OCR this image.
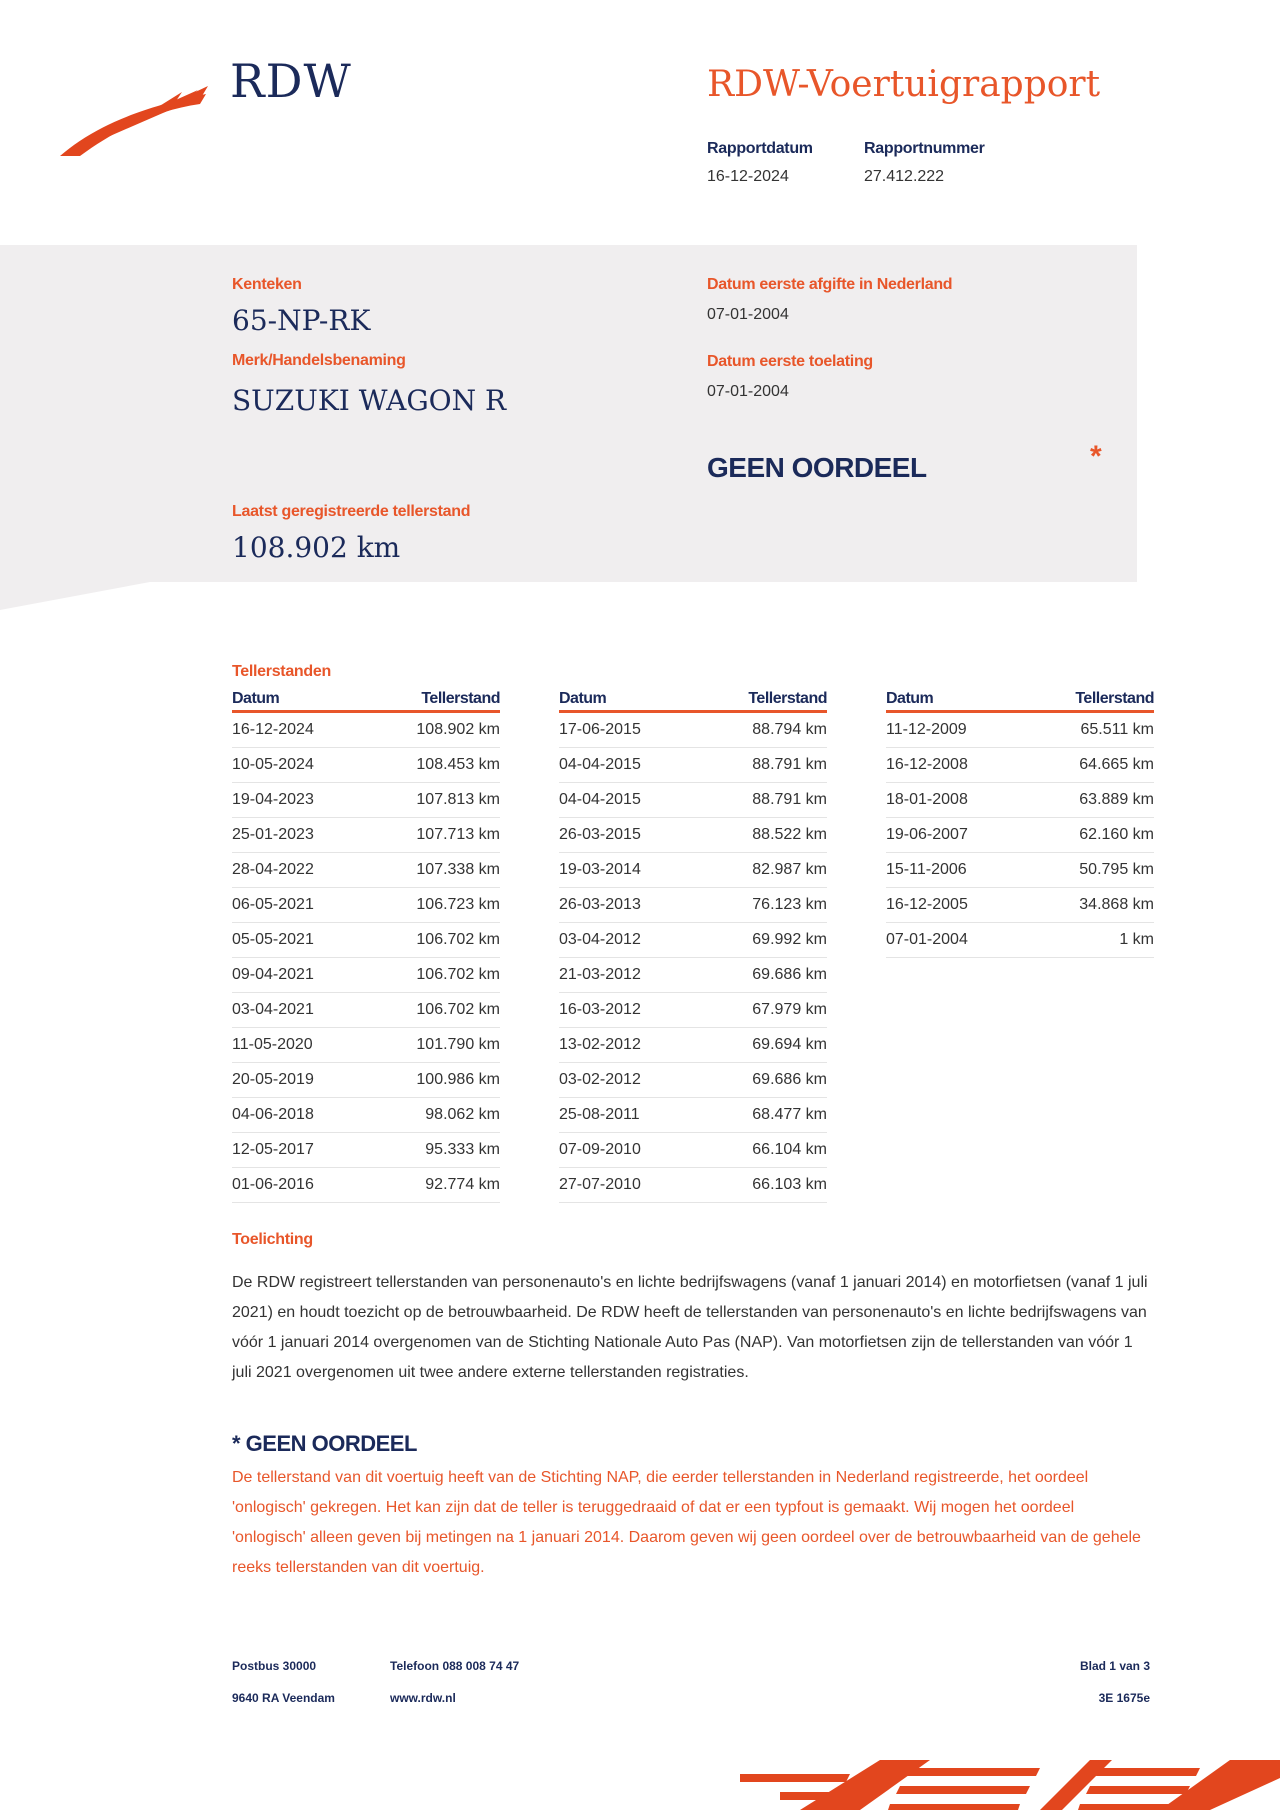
RDW	RDW-Voertuigrapport
Rapportdatum
16-12-2024
Rapportnummer
27.412.222
Kenteken
65-NP-RK
Merk/Handelsbenaming
SUZUKI WAGON R
Datum eerste afgifte in Nederland
07-01-2004
Datum eerste toelating
07-01-2004
GEEN OORDEEL	*
Laatst geregistreerde tellerstand
108.902 km
Tellerstanden
Datum	Tellerstand
16-12-2024	108.902 km
10-05-2024	108.453 km
19-04-2023	107.813 km
25-01-2023	107.713 km
28-04-2022	107.338 km
06-05-2021	106.723 km
05-05-2021	106.702 km
09-04-2021	106.702 km
03-04-2021	106.702 km
11-05-2020	101.790 km
20-05-2019	100.986 km
04-06-2018	98.062 km
12-05-2017	95.333 km
01-06-2016	92.774 km
Datum	Tellerstand
17-06-2015	88.794 km
04-04-2015	88.791 km
04-04-2015	88.791 km
26-03-2015	88.522 km
19-03-2014	82.987 km
26-03-2013	76.123 km
03-04-2012	69.992 km
21-03-2012	69.686 km
16-03-2012	67.979 km
13-02-2012	69.694 km
03-02-2012	69.686 km
25-08-2011	68.477 km
07-09-2010	66.104 km
27-07-2010	66.103 km
Datum	Tellerstand
11-12-2009	65.511 km
16-12-2008	64.665 km
18-01-2008	63.889 km
19-06-2007	62.160 km
15-11-2006	50.795 km
16-12-2005	34.868 km
07-01-2004	1 km
Toelichting
De RDW registreert tellerstanden van personenauto's en lichte bedrijfswagens (vanaf 1 januari 2014) en motorfietsen (vanaf 1 juli 2021) en houdt toezicht op de betrouwbaarheid. De RDW heeft de tellerstanden van personenauto's en lichte bedrijfswagens van vóór 1 januari 2014 overgenomen van de Stichting Nationale Auto Pas (NAP). Van motorfietsen zijn de tellerstanden van vóór 1 juli 2021 overgenomen uit twee andere externe tellerstanden registraties.
* GEEN OORDEEL
De tellerstand van dit voertuig heeft van de Stichting NAP, die eerder tellerstanden in Nederland registreerde, het oordeel 'onlogisch' gekregen. Het kan zijn dat de teller is teruggedraaid of dat er een typfout is gemaakt. Wij mogen het oordeel 'onlogisch' alleen geven bij metingen na 1 januari 2014. Daarom geven wij geen oordeel over de betrouwbaarheid van de gehele reeks tellerstanden van dit voertuig.
Postbus 30000
9640 RA Veendam
Telefoon 088 008 74 47
www.rdw.nl
Blad 1 van 3
3E 1675e
